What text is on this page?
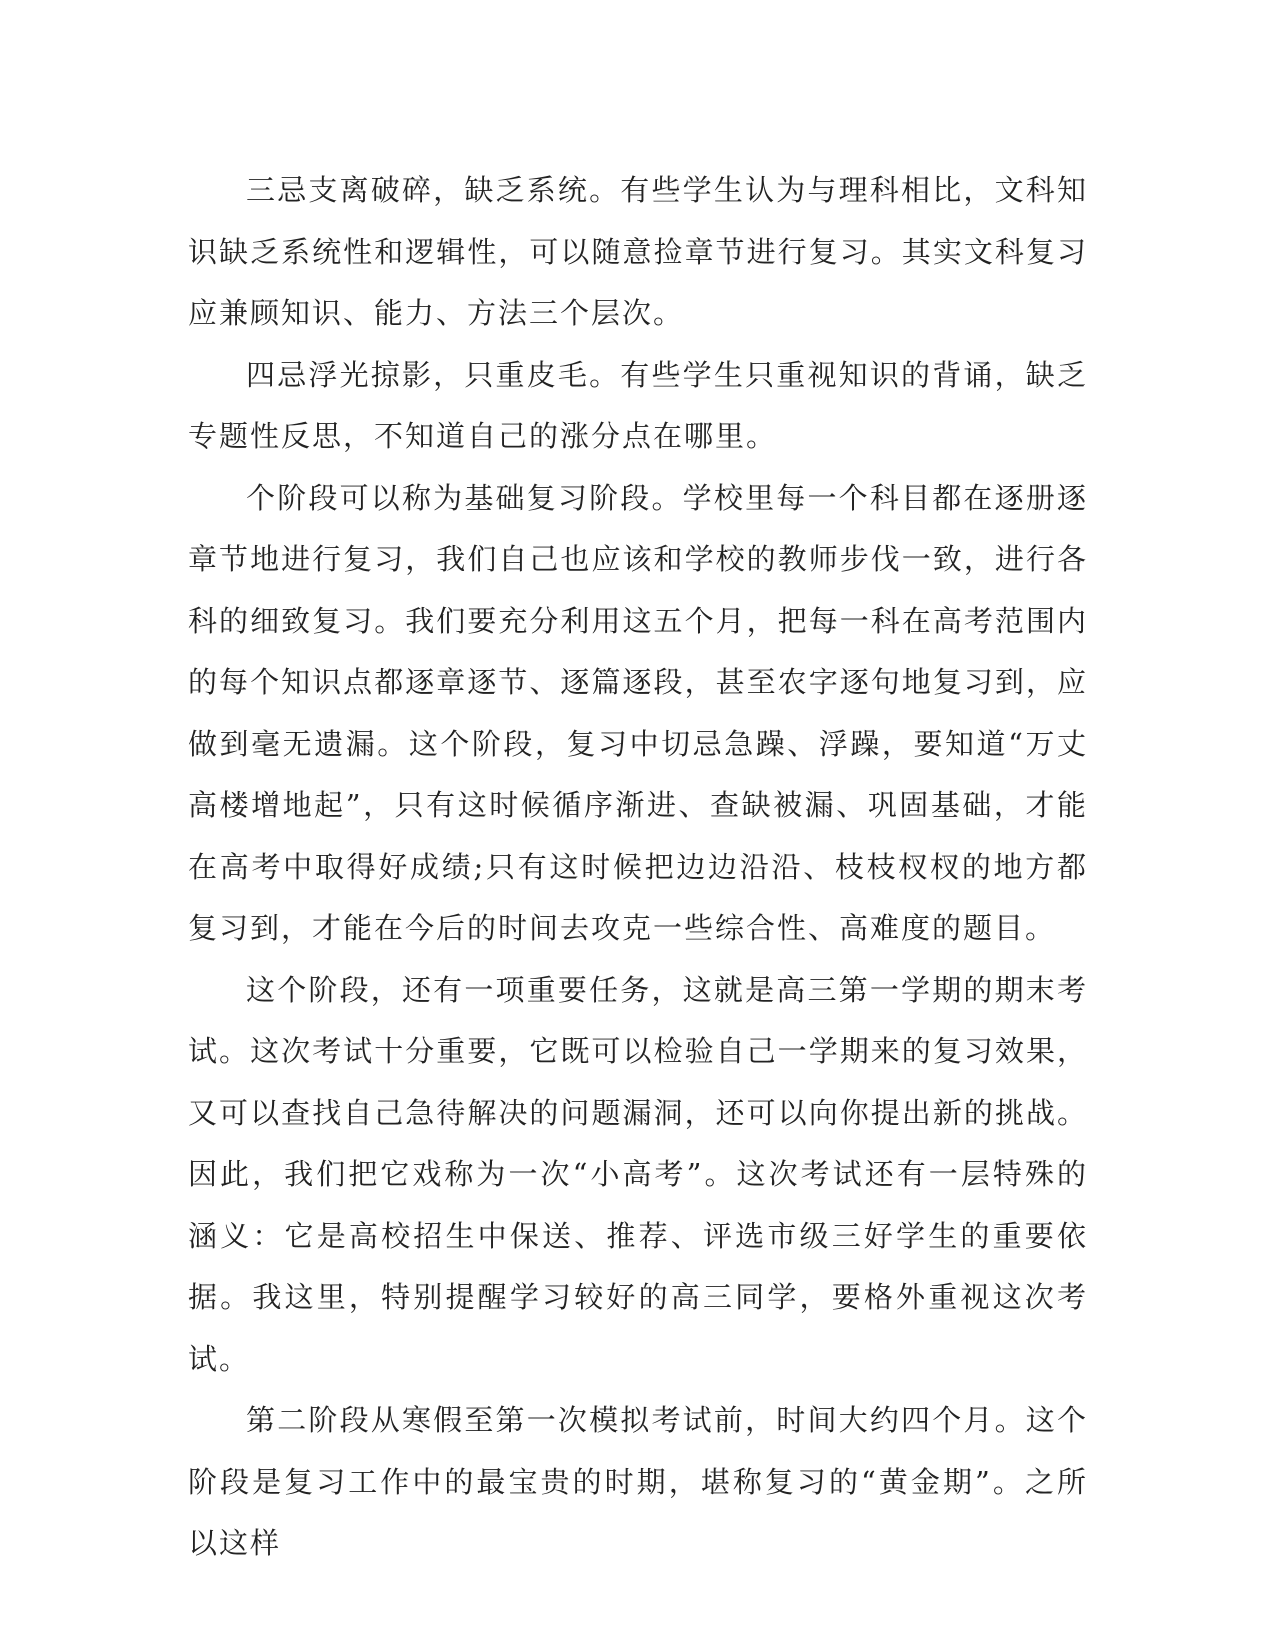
三忌支离破碎，缺乏系统。有些学生认为与理科相比，文科知识缺乏系统性和逻辑性，可以随意捡章节进行复习。其实文科复习应兼顾知识、能力、方法三个层次。

四忌浮光掠影，只重皮毛。有些学生只重视知识的背诵，缺乏专题性反思，不知道自己的涨分点在哪里。

个阶段可以称为基础复习阶段。学校里每一个科目都在逐册逐章节地进行复习，我们自己也应该和学校的教师步伐一致，进行各科的细致复习。我们要充分利用这五个月，把每一科在高考范围内的每个知识点都逐章逐节、逐篇逐段，甚至农字逐句地复习到，应做到毫无遗漏。这个阶段，复习中切忌急躁、浮躁，要知道“万丈高楼增地起”，只有这时候循序渐进、查缺被漏、巩固基础，才能在高考中取得好成绩;只有这时候把边边沿沿、枝枝杈杈的地方都复习到，才能在今后的时间去攻克一些综合性、高难度的题目。

这个阶段，还有一项重要任务，这就是高三第一学期的期末考试。这次考试十分重要，它既可以检验自己一学期来的复习效果，又可以查找自己急待解决的问题漏洞，还可以向你提出新的挑战。因此，我们把它戏称为一次“小高考”。这次考试还有一层特殊的涵义：它是高校招生中保送、推荐、评选市级三好学生的重要依据。我这里，特别提醒学习较好的高三同学，要格外重视这次考试。

第二阶段从寒假至第一次模拟考试前，时间大约四个月。这个阶段是复习工作中的最宝贵的时期，堪称复习的“黄金期”。之所以这样
